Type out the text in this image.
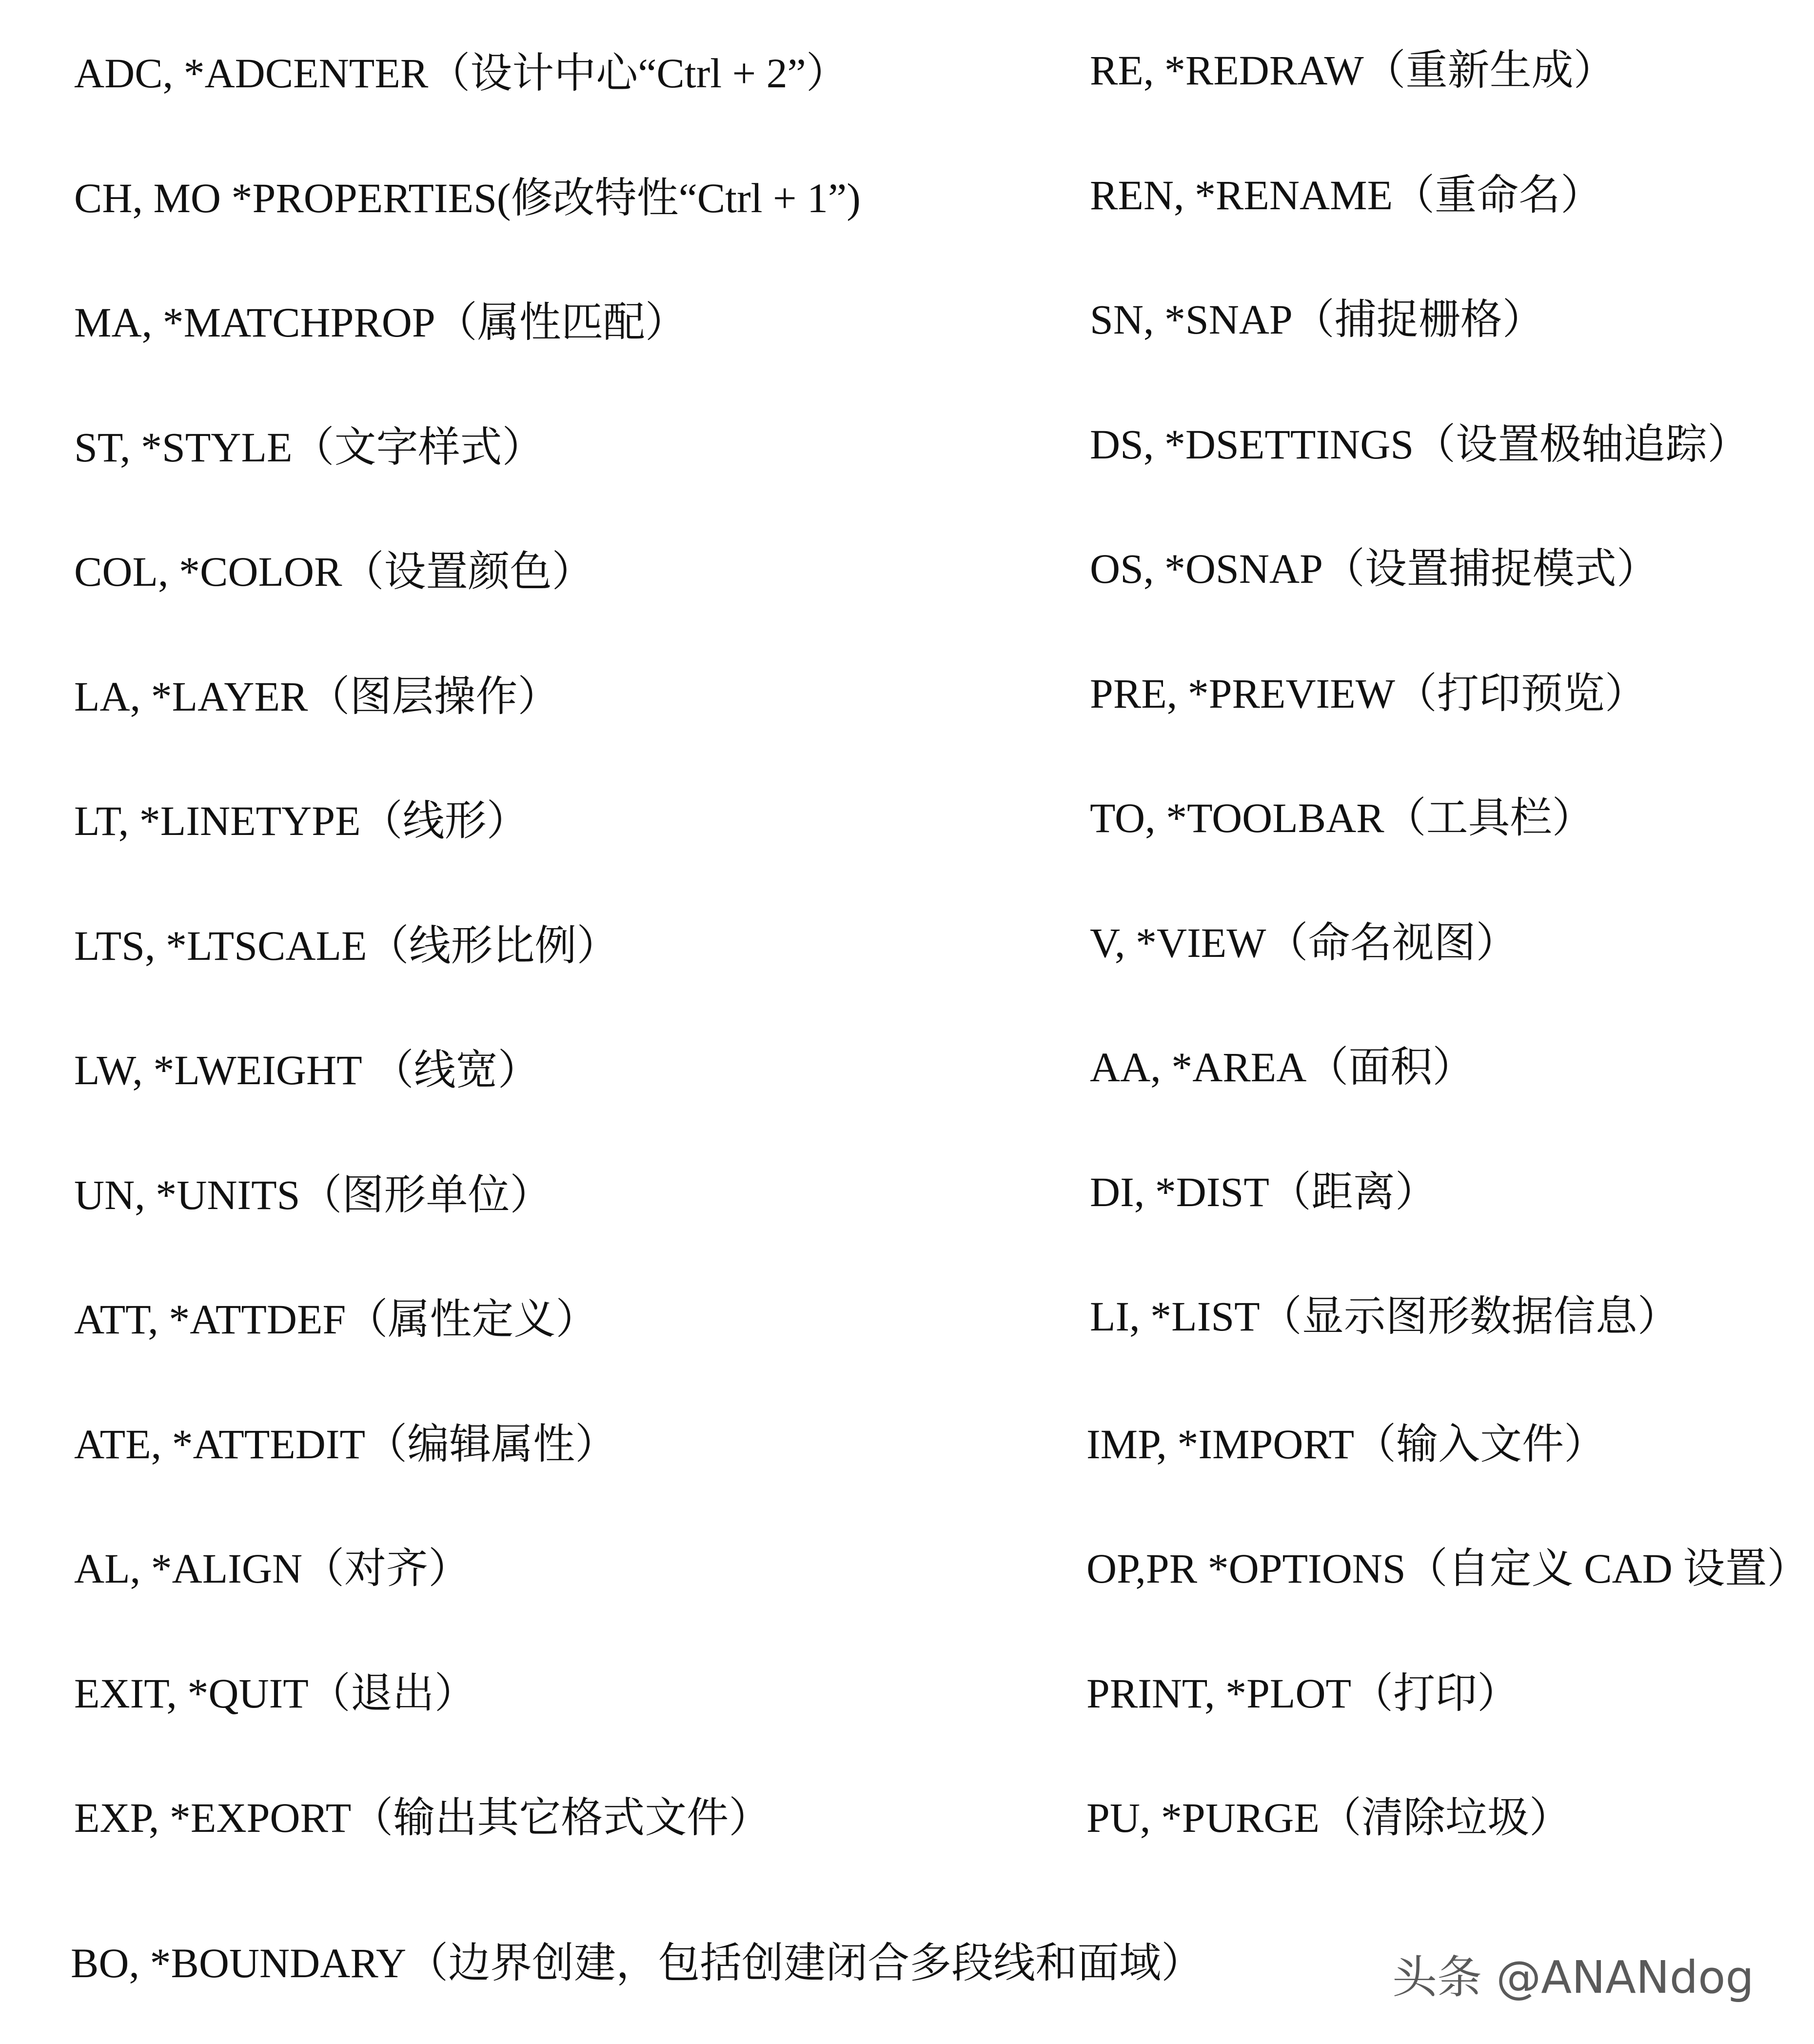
ADC, *ADCENTER（设计中心“Ctrl + 2”）
CH, MO *PROPERTIES(修改特性“Ctrl + 1”)
MA, *MATCHPROP（属性匹配）
ST, *STYLE（文字样式）
COL, *COLOR（设置颜色）
LA, *LAYER（图层操作）
LT, *LINETYPE（线形）
LTS, *LTSCALE（线形比例）
LW, *LWEIGHT （线宽）
UN, *UNITS（图形单位）
ATT, *ATTDEF（属性定义）
ATE, *ATTEDIT（编辑属性）
AL, *ALIGN（对齐）
EXIT, *QUIT（退出）
EXP, *EXPORT（输出其它格式文件）
RE, *REDRAW（重新生成）
REN, *RENAME（重命名）
SN, *SNAP（捕捉栅格）
DS, *DSETTINGS（设置极轴追踪）
OS, *OSNAP（设置捕捉模式）
PRE, *PREVIEW（打印预览）
TO, *TOOLBAR（工具栏）
V, *VIEW（命名视图）
AA, *AREA（面积）
DI, *DIST（距离）
LI, *LIST（显示图形数据信息）
IMP, *IMPORT（输入文件）
OP,PR *OPTIONS（自定义 CAD 设置）
PRINT, *PLOT（打印）
PU, *PURGE（清除垃圾）
BO, *BOUNDARY（边界创建，包括创建闭合多段线和面域）	头条 @ANANdog
